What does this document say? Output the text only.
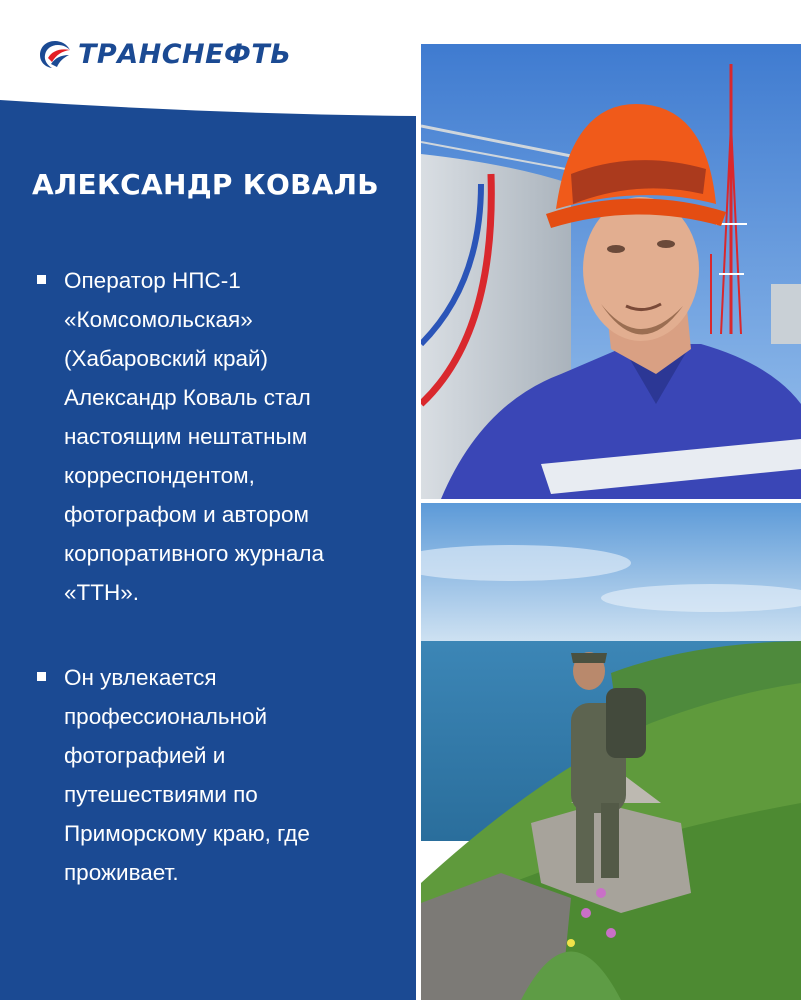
ТРАНСНЕФТЬ
АЛЕКСАНДР КОВАЛЬ
Оператор НПС-1
«Комсомольская»
(Хабаровский край)
Александр Коваль стал
настоящим нештатным
корреспондентом,
фотографом и автором
корпоративного журнала
«ТТН».
Он увлекается
профессиональной
фотографией и
путешествиями по
Приморскому краю, где
проживает.
